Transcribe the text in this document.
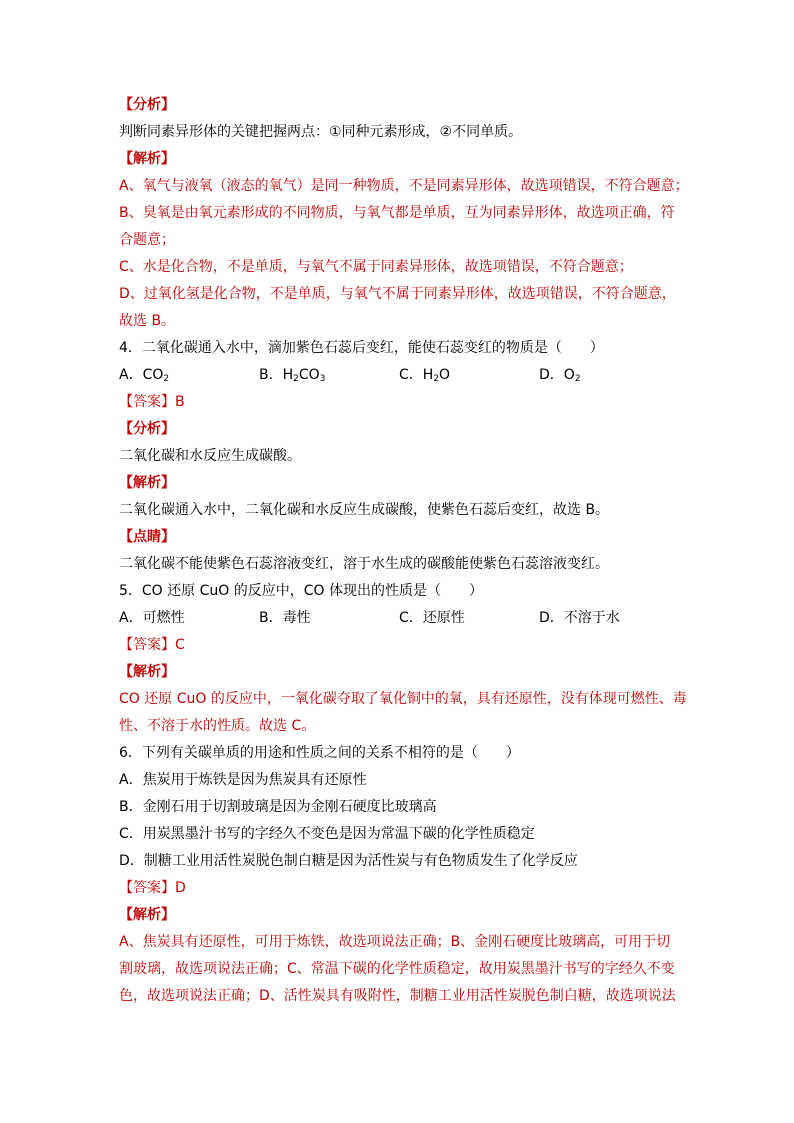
【分析】
判断同素异形体的关键把握两点：①同种元素形成，②不同单质。
【解析】
A、氧气与液氧（液态的氧气）是同一种物质，不是同素异形体，故选项错误，不符合题意；
B、臭氧是由氧元素形成的不同物质，与氧气都是单质，互为同素异形体，故选项正确，符
合题意；
C、水是化合物，不是单质，与氧气不属于同素异形体，故选项错误，不符合题意；
D、过氧化氢是化合物，不是单质，与氧气不属于同素异形体，故选项错误，不符合题意，
故选 B。
4．二氧化碳通入水中，滴加紫色石蕊后变红，能使石蕊变红的物质是（　　）
A．$CO_2$	B．$H_2CO_3$	C．$H_2O$	D．$O_2$
【答案】B
【分析】
二氧化碳和水反应生成碳酸。
【解析】
二氧化碳通入水中，二氧化碳和水反应生成碳酸，使紫色石蕊后变红，故选 B。
【点睛】
二氧化碳不能使紫色石蕊溶液变红，溶于水生成的碳酸能使紫色石蕊溶液变红。
5．CO 还原 CuO 的反应中，CO 体现出的性质是（　　）
A．可燃性	B．毒性	C．还原性	D．不溶于水
【答案】C
【解析】
CO 还原 CuO 的反应中，一氧化碳夺取了氧化铜中的氧，具有还原性，没有体现可燃性、毒
性、不溶于水的性质。故选 C。
6．下列有关碳单质的用途和性质之间的关系不相符的是（　　）
A．焦炭用于炼铁是因为焦炭具有还原性
B．金刚石用于切割玻璃是因为金刚石硬度比玻璃高
C．用炭黑墨汁书写的字经久不变色是因为常温下碳的化学性质稳定
D．制糖工业用活性炭脱色制白糖是因为活性炭与有色物质发生了化学反应
【答案】D
【解析】
A、焦炭具有还原性，可用于炼铁，故选项说法正确；B、金刚石硬度比玻璃高，可用于切
割玻璃，故选项说法正确；C、常温下碳的化学性质稳定，故用炭黑墨汁书写的字经久不变
色，故选项说法正确；D、活性炭具有吸附性，制糖工业用活性炭脱色制白糖，故选项说法
